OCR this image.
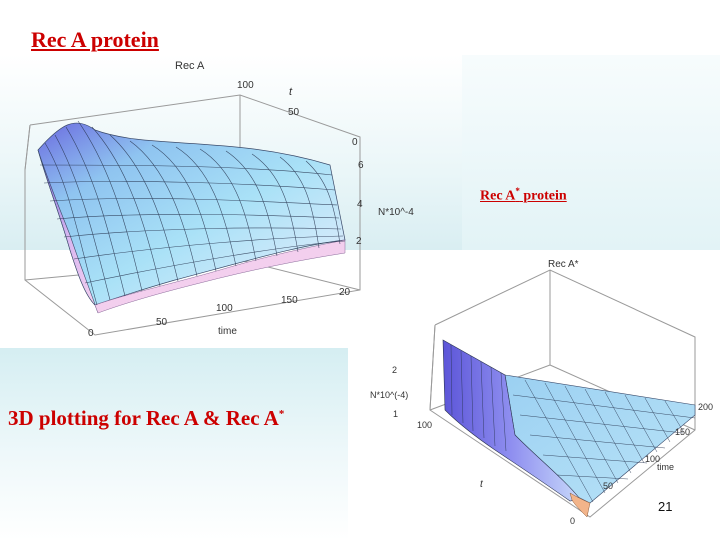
Rec A protein
Rec A
100
t
50
0
6
4
N*10^-4
2
0
50
100
150
20
time
Rec A* protein
Rec A*
2
N*10^(-4)
1
100
t
0
50
100
time
150
200
3D plotting for Rec A & Rec A*
21
